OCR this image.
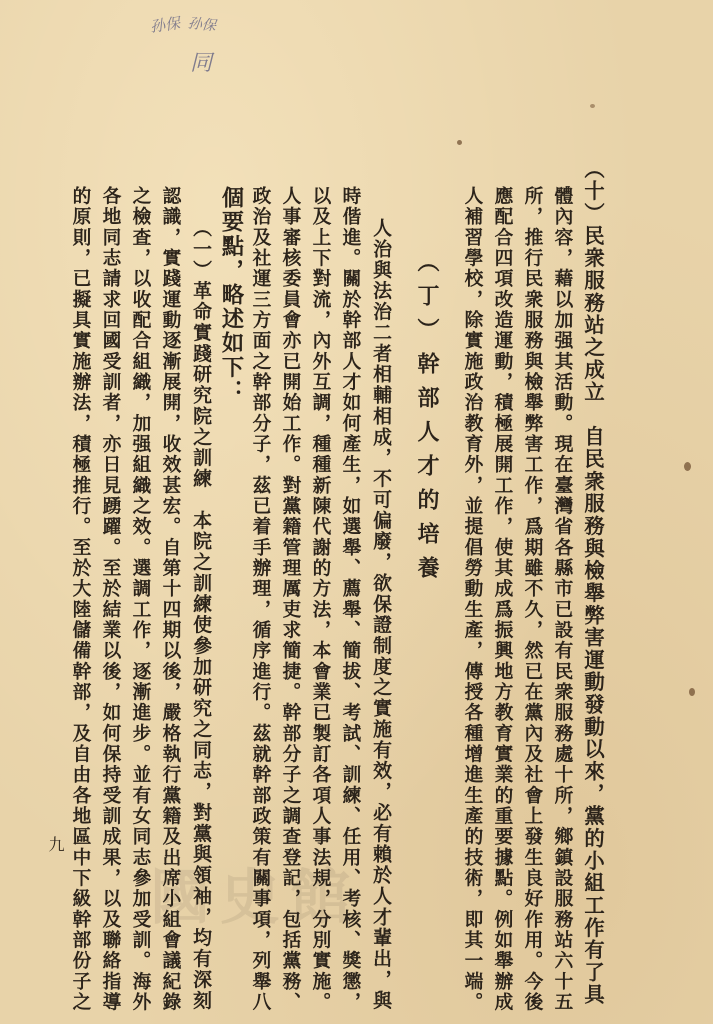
孙保 孙保
同
國史館	（十）民衆服務站之成立　自民衆服務與檢舉弊害運動發動以來，黨的小組工作有了具
體內容，藉以加强其活動。現在臺灣省各縣市已設有民衆服務處十所，鄉鎮設服務站六十五
所，推行民衆服務與檢舉弊害工作，爲期雖不久，然已在黨內及社會上發生良好作用。今後
應配合四項改造運動，積極展開工作，使其成爲振興地方教育實業的重要據點。例如舉辦成
人補習學校，除實施政治教育外，並提倡勞動生產，傳授各種增進生產的技術，即其一端。
（丁）幹部人才的培養
人治與法治二者相輔相成，不可偏廢，欲保證制度之實施有效，必有賴於人才輩出，與
時偕進。關於幹部人才如何產生，如選舉、薦舉、簡拔、考試、訓練、任用、考核、獎懲，
以及上下對流，內外互調，種種新陳代謝的方法，本會業已製訂各項人事法規，分別實施。
人事審核委員會亦已開始工作。對黨籍管理厲吏求簡捷。幹部分子之調查登記，包括黨務、
政治及社運三方面之幹部分子，茲已着手辦理，循序進行。茲就幹部政策有關事項，列舉八
個要點，略述如下：
（一）革命實踐研究院之訓練　本院之訓練使參加研究之同志，對黨與領袖，均有深刻
認識，實踐運動逐漸展開，收效甚宏。自第十四期以後，嚴格執行黨籍及出席小組會議紀錄
之檢查，以收配合組織，加强組織之效。選調工作，逐漸進步。並有女同志參加受訓。海外
各地同志請求回國受訓者，亦日見踴躍。至於結業以後，如何保持受訓成果，以及聯絡指導
的原則，已擬具實施辦法，積極推行。至於大陸儲備幹部，及自由各地區中下級幹部份子之
九
